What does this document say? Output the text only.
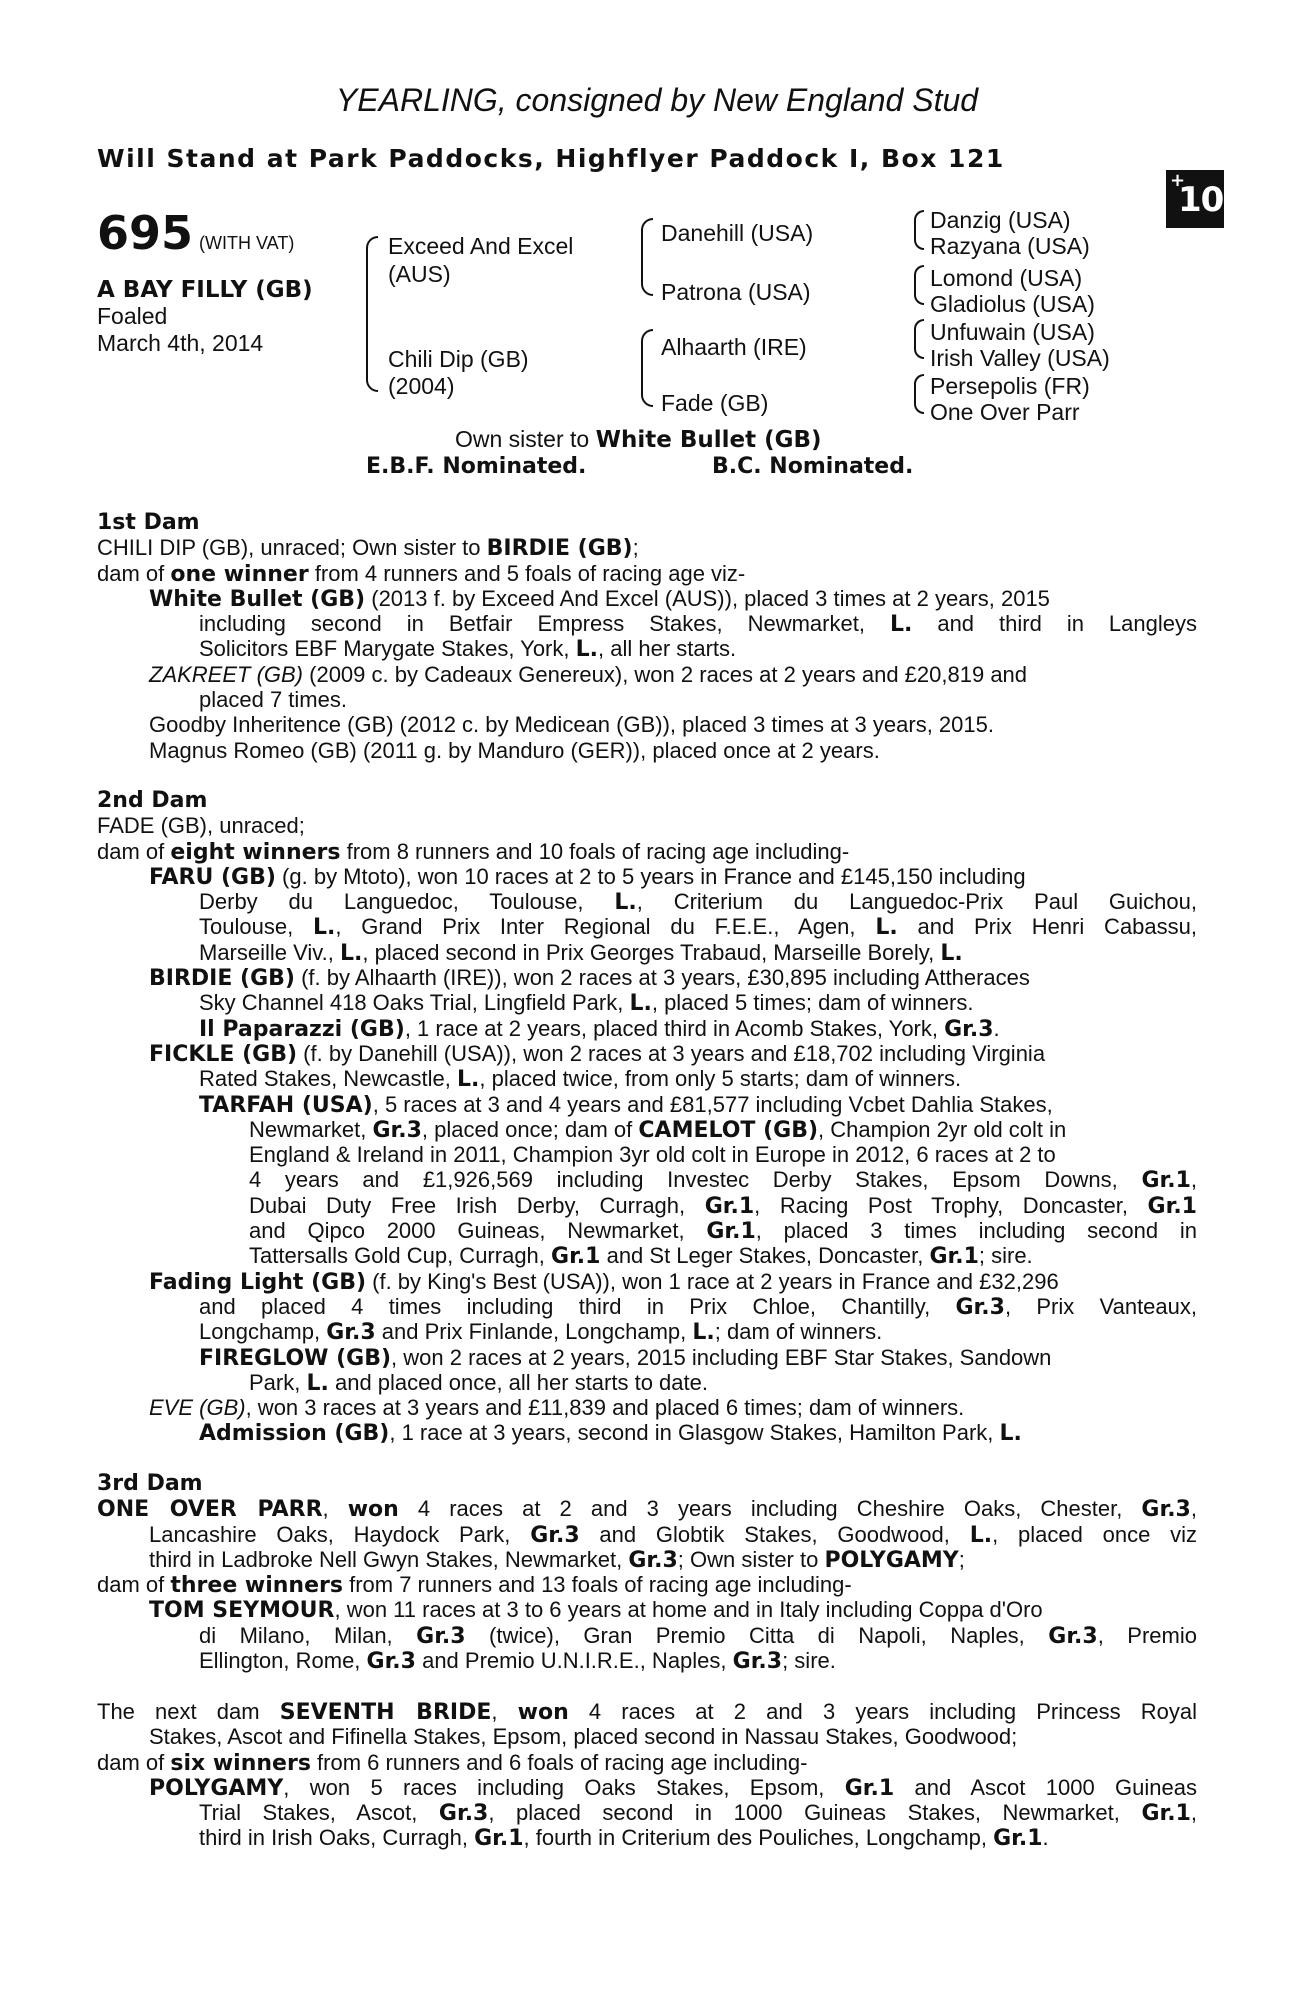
YEARLING, consigned by New England Stud
Will Stand at Park Paddocks, Highflyer Paddock I, Box 121
+
10
695 (WITH VAT)
A BAY FILLY (GB)
Foaled
March 4th, 2014
Exceed And Excel
(AUS)
Chili Dip (GB)
(2004)
Danehill (USA)
Patrona (USA)
Alhaarth (IRE)
Fade (GB)
Danzig (USA)
Razyana (USA)
Lomond (USA)
Gladiolus (USA)
Unfuwain (USA)
Irish Valley (USA)
Persepolis (FR)
One Over Parr
Own sister to White Bullet (GB)
E.B.F. Nominated.	B.C. Nominated.
1st Dam
CHILI DIP (GB), unraced; Own sister to BIRDIE (GB);
dam of one winner from 4 runners and 5 foals of racing age viz-
White Bullet (GB) (2013 f. by Exceed And Excel (AUS)), placed 3 times at 2 years, 2015
including second in Betfair Empress Stakes, Newmarket, L. and third in Langleys
Solicitors EBF Marygate Stakes, York, L., all her starts.
ZAKREET (GB) (2009 c. by Cadeaux Genereux), won 2 races at 2 years and £20,819 and
placed 7 times.
Goodby Inheritence (GB) (2012 c. by Medicean (GB)), placed 3 times at 3 years, 2015.
Magnus Romeo (GB) (2011 g. by Manduro (GER)), placed once at 2 years.
2nd Dam
FADE (GB), unraced;
dam of eight winners from 8 runners and 10 foals of racing age including-
FARU (GB) (g. by Mtoto), won 10 races at 2 to 5 years in France and £145,150 including
Derby du Languedoc, Toulouse, L., Criterium du Languedoc-Prix Paul Guichou,
Toulouse, L., Grand Prix Inter Regional du F.E.E., Agen, L. and Prix Henri Cabassu,
Marseille Viv., L., placed second in Prix Georges Trabaud, Marseille Borely, L.
BIRDIE (GB) (f. by Alhaarth (IRE)), won 2 races at 3 years, £30,895 including Attheraces
Sky Channel 418 Oaks Trial, Lingfield Park, L., placed 5 times; dam of winners.
Il Paparazzi (GB), 1 race at 2 years, placed third in Acomb Stakes, York, Gr.3.
FICKLE (GB) (f. by Danehill (USA)), won 2 races at 3 years and £18,702 including Virginia
Rated Stakes, Newcastle, L., placed twice, from only 5 starts; dam of winners.
TARFAH (USA), 5 races at 3 and 4 years and £81,577 including Vcbet Dahlia Stakes,
Newmarket, Gr.3, placed once; dam of CAMELOT (GB), Champion 2yr old colt in
England & Ireland in 2011, Champion 3yr old colt in Europe in 2012, 6 races at 2 to
4 years and £1,926,569 including Investec Derby Stakes, Epsom Downs, Gr.1,
Dubai Duty Free Irish Derby, Curragh, Gr.1, Racing Post Trophy, Doncaster, Gr.1
and Qipco 2000 Guineas, Newmarket, Gr.1, placed 3 times including second in
Tattersalls Gold Cup, Curragh, Gr.1 and St Leger Stakes, Doncaster, Gr.1; sire.
Fading Light (GB) (f. by King's Best (USA)), won 1 race at 2 years in France and £32,296
and placed 4 times including third in Prix Chloe, Chantilly, Gr.3, Prix Vanteaux,
Longchamp, Gr.3 and Prix Finlande, Longchamp, L.; dam of winners.
FIREGLOW (GB), won 2 races at 2 years, 2015 including EBF Star Stakes, Sandown
Park, L. and placed once, all her starts to date.
EVE (GB), won 3 races at 3 years and £11,839 and placed 6 times; dam of winners.
Admission (GB), 1 race at 3 years, second in Glasgow Stakes, Hamilton Park, L.
3rd Dam
ONE OVER PARR, won 4 races at 2 and 3 years including Cheshire Oaks, Chester, Gr.3,
Lancashire Oaks, Haydock Park, Gr.3 and Globtik Stakes, Goodwood, L., placed once viz
third in Ladbroke Nell Gwyn Stakes, Newmarket, Gr.3; Own sister to POLYGAMY;
dam of three winners from 7 runners and 13 foals of racing age including-
TOM SEYMOUR, won 11 races at 3 to 6 years at home and in Italy including Coppa d'Oro
di Milano, Milan, Gr.3 (twice), Gran Premio Citta di Napoli, Naples, Gr.3, Premio
Ellington, Rome, Gr.3 and Premio U.N.I.R.E., Naples, Gr.3; sire.
The next dam SEVENTH BRIDE, won 4 races at 2 and 3 years including Princess Royal
Stakes, Ascot and Fifinella Stakes, Epsom, placed second in Nassau Stakes, Goodwood;
dam of six winners from 6 runners and 6 foals of racing age including-
POLYGAMY, won 5 races including Oaks Stakes, Epsom, Gr.1 and Ascot 1000 Guineas
Trial Stakes, Ascot, Gr.3, placed second in 1000 Guineas Stakes, Newmarket, Gr.1,
third in Irish Oaks, Curragh, Gr.1, fourth in Criterium des Pouliches, Longchamp, Gr.1.
